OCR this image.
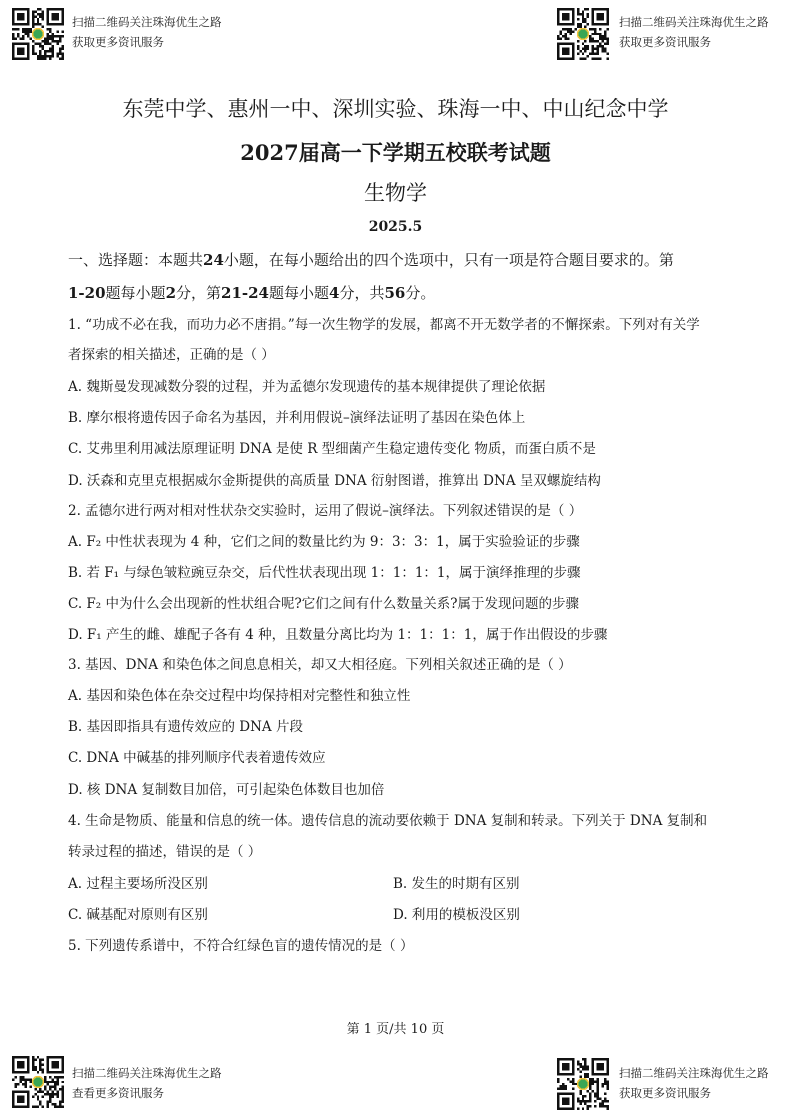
扫描二维码关注珠海优生之路
获取更多资讯服务
扫描二维码关注珠海优生之路
获取更多资讯服务
东莞中学、惠州一中、深圳实验、珠海一中、中山纪念中学
2027届高一下学期五校联考试题
生物学
2025.5
一、选择题：本题共24小题，在每小题给出的四个选项中，只有一项是符合题目要求的。第
1-20题每小题2分，第21-24题每小题4分，共56分。
1. “功成不必在我，而功力必不唐捐。”每一次生物学的发展，都离不开无数学者的不懈探索。下列对有关学
者探索的相关描述，正确的是（ ）
A. 魏斯曼发现减数分裂的过程，并为孟德尔发现遗传的基本规律提供了理论依据
B. 摩尔根将遗传因子命名为基因，并利用假说–演绎法证明了基因在染色体上
C. 艾弗里利用减法原理证明 DNA 是使 R 型细菌产生稳定遗传变化 物质，而蛋白质不是
D. 沃森和克里克根据威尔金斯提供的高质量 DNA 衍射图谱，推算出 DNA 呈双螺旋结构
2. 孟德尔进行两对相对性状杂交实验时，运用了假说–演绎法。下列叙述错误的是（ ）
A. F₂ 中性状表现为 4 种，它们之间的数量比约为 9：3：3：1，属于实验验证的步骤
B. 若 F₁ 与绿色皱粒豌豆杂交，后代性状表现出现 1：1：1：1，属于演绎推理的步骤
C. F₂ 中为什么会出现新的性状组合呢?它们之间有什么数量关系?属于发现问题的步骤
D. F₁ 产生的雌、雄配子各有 4 种，且数量分离比均为 1：1：1：1，属于作出假设的步骤
3. 基因、DNA 和染色体之间息息相关，却又大相径庭。下列相关叙述正确的是（ ）
A. 基因和染色体在杂交过程中均保持相对完整性和独立性
B. 基因即指具有遗传效应的 DNA 片段
C. DNA 中碱基的排列顺序代表着遗传效应
D. 核 DNA 复制数目加倍，可引起染色体数目也加倍
4. 生命是物质、能量和信息的统一体。遗传信息的流动要依赖于 DNA 复制和转录。下列关于 DNA 复制和
转录过程的描述，错误的是（ ）
A. 过程主要场所没区别	B. 发生的时期有区别
C. 碱基配对原则有区别	D. 利用的模板没区别
5. 下列遗传系谱中，不符合红绿色盲的遗传情况的是（ ）
第 1 页/共 10 页
扫描二维码关注珠海优生之路
查看更多资讯服务
扫描二维码关注珠海优生之路
获取更多资讯服务
